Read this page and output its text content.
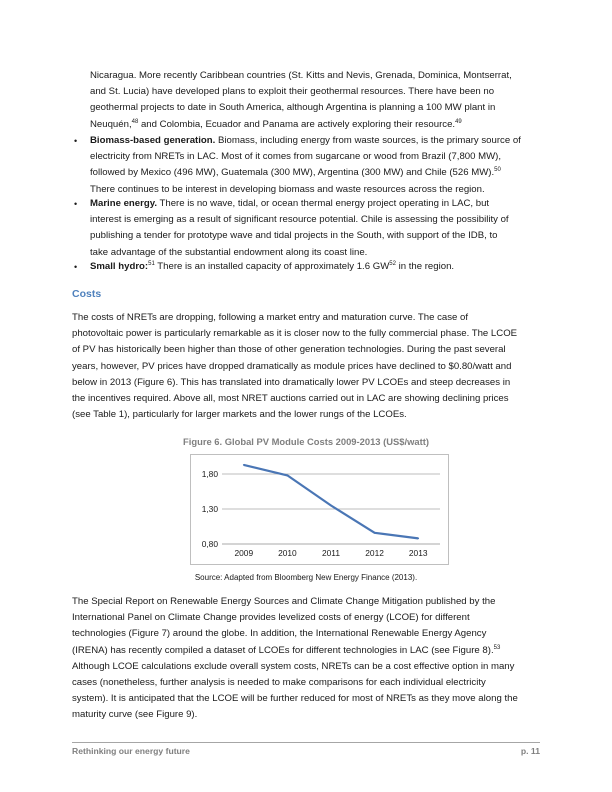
Nicaragua. More recently Caribbean countries (St. Kitts and Nevis, Grenada, Dominica, Montserrat,
and St. Lucia) have developed plans to exploit their geothermal resources. There have been no
geothermal projects to date in South America, although Argentina is planning a 100 MW plant in
Neuquén,$^{48}$ and Colombia, Ecuador and Panama are actively exploring their resource.$^{49}$
• Biomass-based generation. Biomass, including energy from waste sources, is the primary source of
electricity from NRETs in LAC. Most of it comes from sugarcane or wood from Brazil (7,800 MW),
followed by Mexico (496 MW), Guatemala (300 MW), Argentina (300 MW) and Chile (526 MW).$^{50}$
There continues to be interest in developing biomass and waste resources across the region.
• Marine energy. There is no wave, tidal, or ocean thermal energy project operating in LAC, but
interest is emerging as a result of significant resource potential. Chile is assessing the possibility of
publishing a tender for prototype wave and tidal projects in the South, with support of the IDB, to
take advantage of the substantial endowment along its coast line.
• Small hydro:$^{51}$ There is an installed capacity of approximately 1.6 GW$^{52}$ in the region.
Costs
The costs of NRETs are dropping, following a market entry and maturation curve. The case of
photovoltaic power is particularly remarkable as it is closer now to the fully commercial phase. The LCOE
of PV has historically been higher than those of other generation technologies. During the past several
years, however, PV prices have dropped dramatically as module prices have declined to $0.80/watt and
below in 2013 (Figure 6). This has translated into dramatically lower PV LCOEs and steep decreases in
the incentives required. Above all, most NRET auctions carried out in LAC are showing declining prices
(see Table 1), particularly for larger markets and the lower rungs of the LCOEs.
Figure 6. Global PV Module Costs 2009-2013 (US$/watt)
1,80
1,30
0,80
2009	2010	2011	2012	2013
Source: Adapted from Bloomberg New Energy Finance (2013).
The Special Report on Renewable Energy Sources and Climate Change Mitigation published by the
International Panel on Climate Change provides levelized costs of energy (LCOE) for different
technologies (Figure 7) around the globe. In addition, the International Renewable Energy Agency
(IRENA) has recently compiled a dataset of LCOEs for different technologies in LAC (see Figure 8).$^{53}$
Although LCOE calculations exclude overall system costs, NRETs can be a cost effective option in many
cases (nonetheless, further analysis is needed to make comparisons for each individual electricity
system). It is anticipated that the LCOE will be further reduced for most of NRETs as they move along the
maturity curve (see Figure 9).
Rethinking our energy future	p. 11
